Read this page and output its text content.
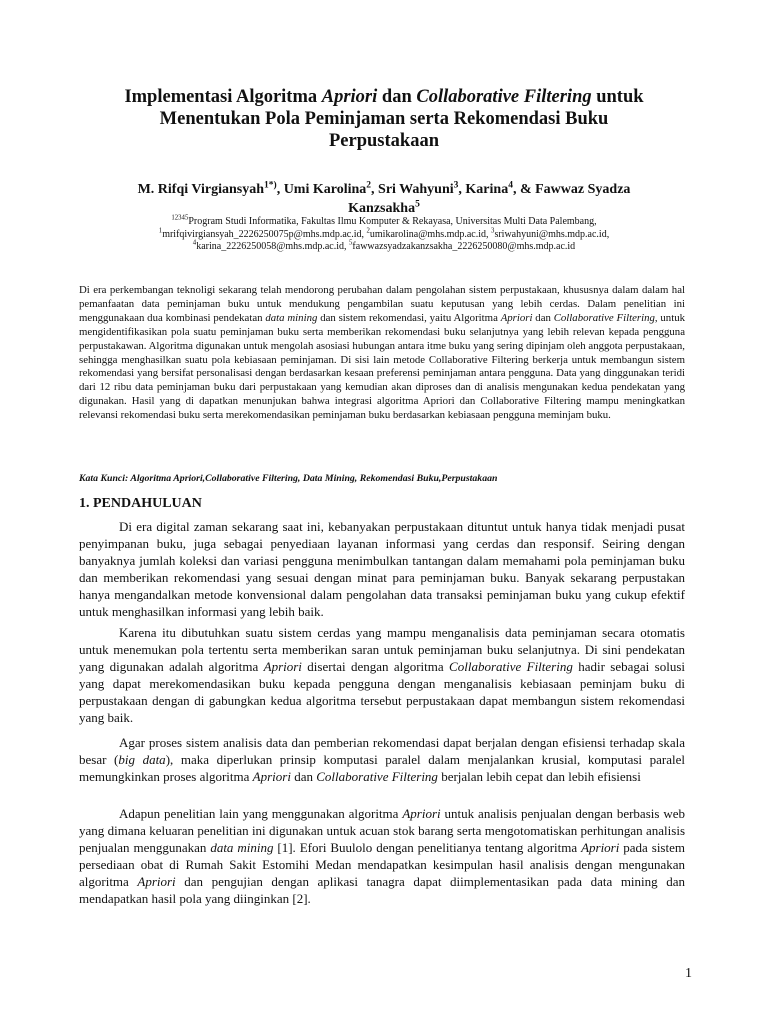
Implementasi Algoritma Apriori dan Collaborative Filtering untuk
Menentukan Pola Peminjaman serta Rekomendasi Buku
Perpustakaan
M. Rifqi Virgiansyah$^{1*)}$, Umi Karolina$^2$, Sri Wahyuni$^3$, Karina$^4$, & Fawwaz Syadza
Kanzsakha$^5$
$^{12345}$Program Studi Informatika, Fakultas Ilmu Komputer & Rekayasa, Universitas Multi Data Palembang,
$^1$mrifqivirgiansyah_2226250075p@mhs.mdp.ac.id, $^2$umikarolina@mhs.mdp.ac.id, $^3$sriwahyuni@mhs.mdp.ac.id,
$^4$karina_2226250058@mhs.mdp.ac.id, $^5$fawwazsyadzakanzsakha_2226250080@mhs.mdp.ac.id

Di era perkembangan teknoligi sekarang telah mendorong perubahan dalam pengolahan sistem perpustakaan, khususnya dalam dalam hal pemanfaatan data peminjaman buku untuk mendukung pengambilan suatu keputusan yang lebih cerdas. Dalam penelitian ini menggunakaan dua kombinasi pendekatan data mining dan sistem rekomendasi, yaitu Algoritma Apriori dan Collaborative Filtering, untuk mengidentifikasikan pola suatu peminjaman buku serta memberikan rekomendasi buku selanjutnya yang lebih relevan kepada pengguna perpustakawan. Algoritma digunakan untuk mengolah asosiasi hubungan antara itme buku yang sering dipinjam oleh anggota perpustakaan, sehingga menghasilkan suatu pola kebiasaan peminjaman. Di sisi lain metode Collaborative Filtering berkerja untuk membangun sistem rekomendasi yang bersifat personalisasi dengan berdasarkan kesaan preferensi peminjaman antara pengguna. Data yang dinggunakan teridi dari 12 ribu data peminjaman buku dari perpustakaan yang kemudian akan diproses dan di analisis mengunakan kedua pendekatan yang digunakan. Hasil yang di dapatkan menunjukan bahwa integrasi algoritma Apriori dan Collaborative Filtering mampu meningkatkan relevansi rekomendasi buku serta merekomendasikan peminjaman buku berdasarkan kebiasaan pengguna meminjam buku.

Kata Kunci: Algoritma Apriori,Collaborative Filtering, Data Mining, Rekomendasi Buku,Perpustakaan

1. PENDAHULUAN

Di era digital zaman sekarang saat ini, kebanyakan perpustakaan dituntut untuk hanya tidak menjadi pusat penyimpanan buku, juga sebagai penyediaan layanan informasi yang cerdas dan responsif. Seiring dengan banyaknya jumlah koleksi dan variasi pengguna menimbulkan tantangan dalam memahami pola peminjaman buku dan memberikan rekomendasi yang sesuai dengan minat para peminjaman buku. Banyak sekarang perpustakan hanya mengandalkan metode konvensional dalam pengolahan data transaksi peminjaman buku yang cukup efektif untuk menghasilkan informasi yang lebih baik.

Karena itu dibutuhkan suatu sistem cerdas yang mampu menganalisis data peminjaman secara otomatis untuk menemukan pola tertentu serta memberikan saran untuk peminjaman buku selanjutnya. Di sini pendekatan yang digunakan adalah algoritma Apriori disertai dengan algoritma Collaborative Filtering hadir sebagai solusi yang dapat merekomendasikan buku kepada pengguna dengan menganalisis kebiasaan peminjam buku di perpustakaan dengan di gabungkan kedua algoritma tersebut perpustakaan dapat membangun sistem rekomendasi yang baik.

Agar proses sistem analisis data dan pemberian rekomendasi dapat berjalan dengan efisiensi terhadap skala besar (big data), maka diperlukan prinsip komputasi paralel dalam menjalankan krusial, komputasi paralel memungkinkan proses algoritma Apriori dan Collaborative Filtering berjalan lebih cepat dan lebih efisiensi

Adapun penelitian lain yang menggunakan algoritma Apriori untuk analisis penjualan dengan berbasis web yang dimana keluaran penelitian ini digunakan untuk acuan stok barang serta mengotomatiskan perhitungan analisis penjualan menggunakan data mining [1]. Efori Buulolo dengan penelitianya tentang algoritma Apriori pada sistem persediaan obat di Rumah Sakit Estomihi Medan mendapatkan kesimpulan hasil analisis dengan mengunakan algoritma Apriori dan pengujian dengan aplikasi tanagra dapat diimplementasikan pada data mining dan mendapatkan hasil pola yang diinginkan [2].

1
